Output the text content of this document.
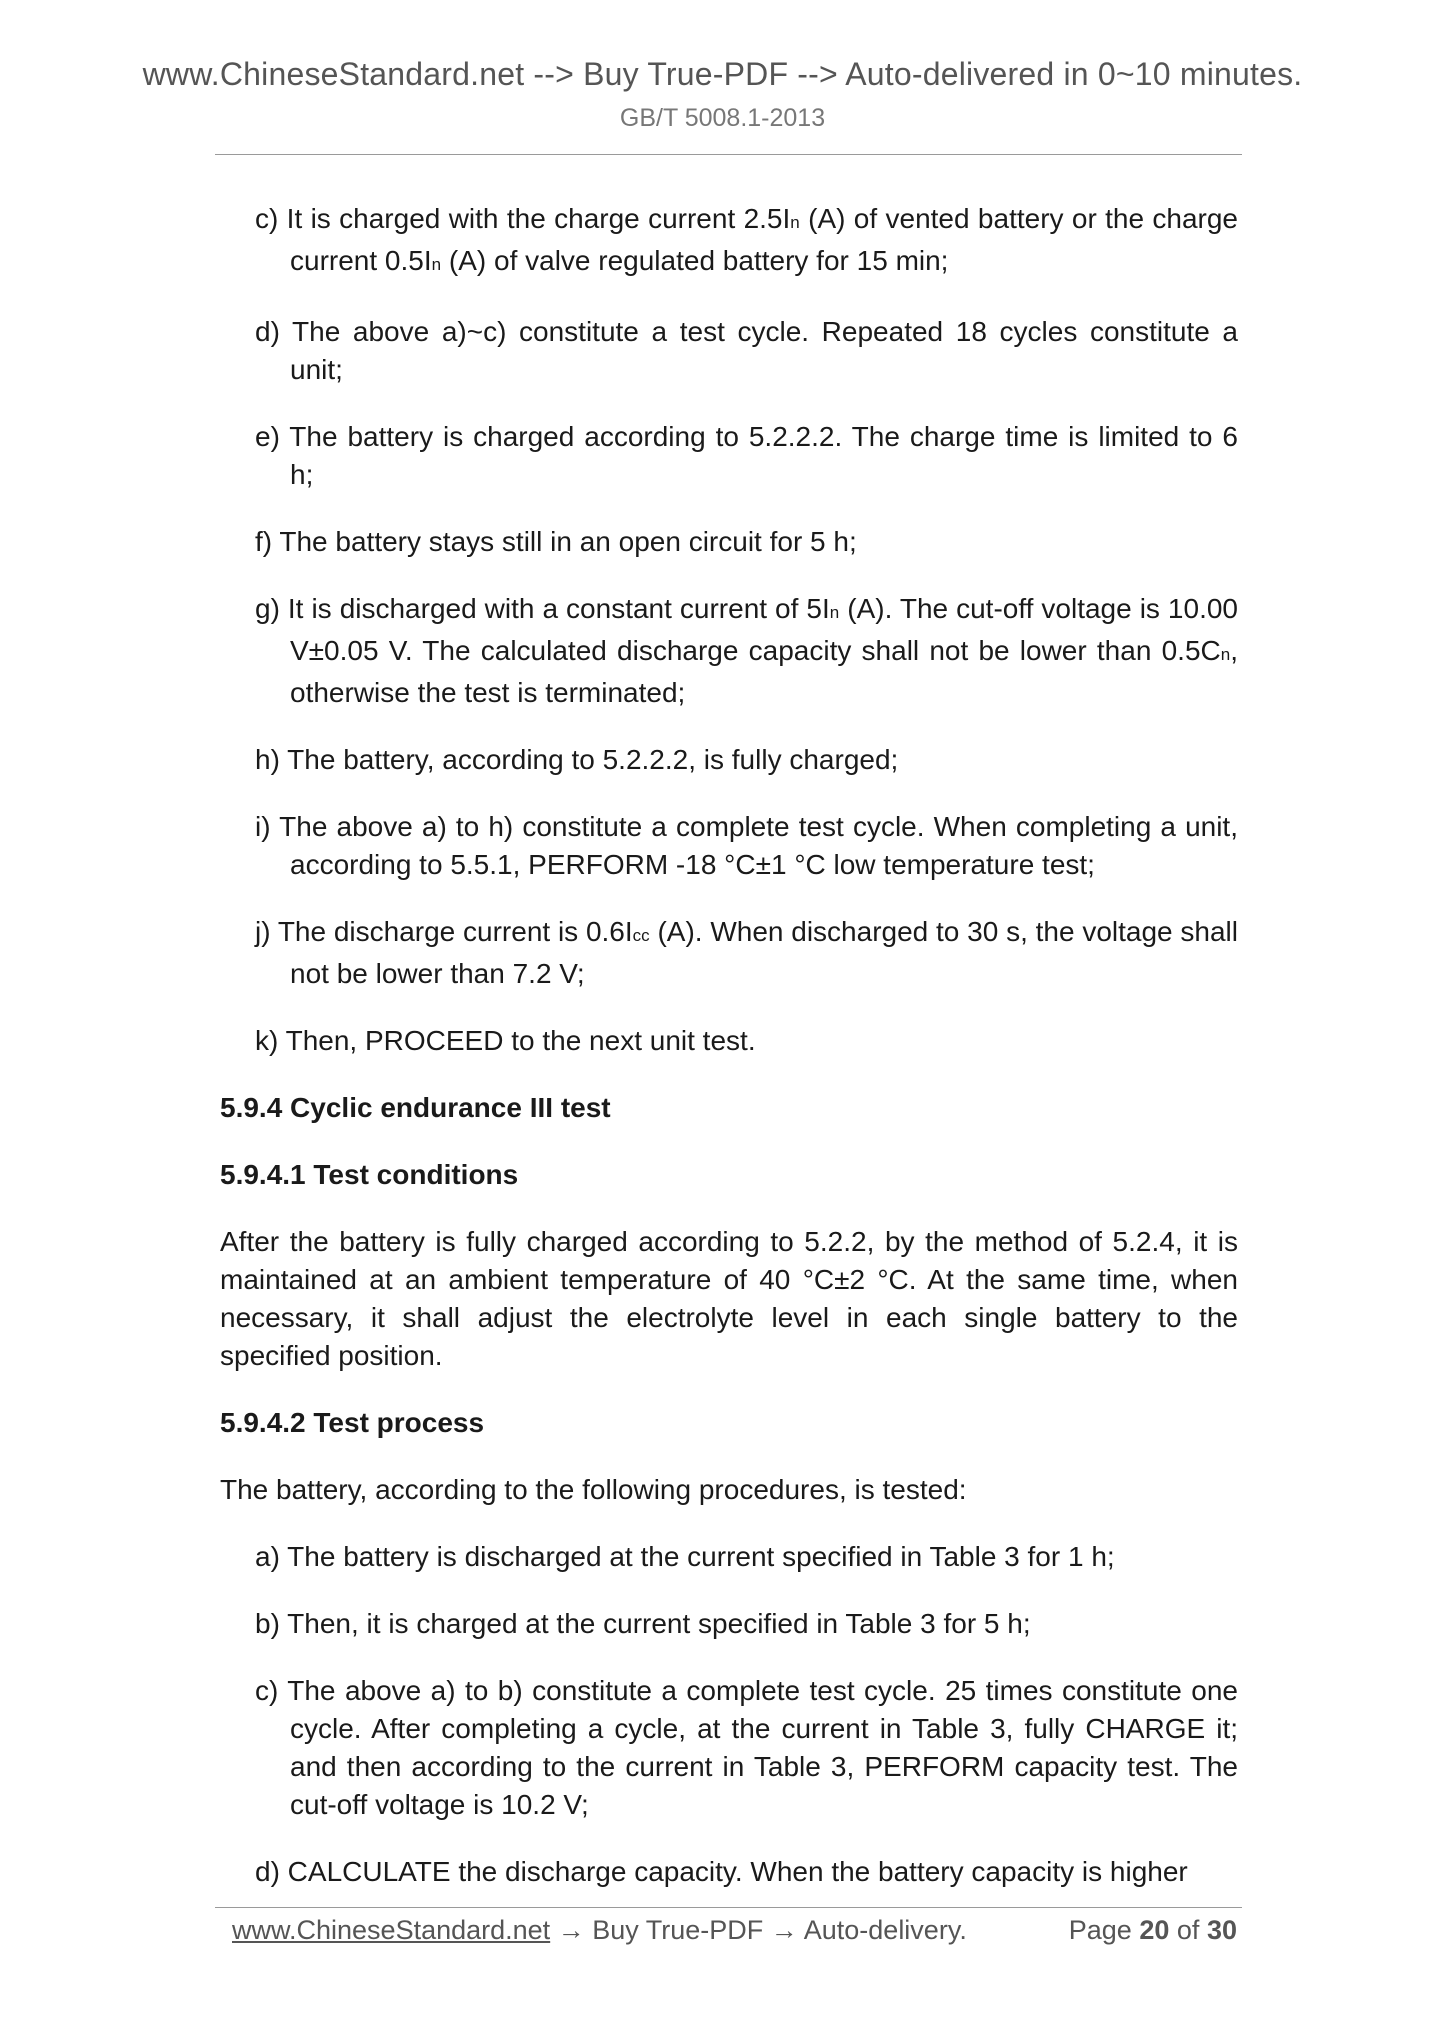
www.ChineseStandard.net --> Buy True-PDF --> Auto-delivered in 0~10 minutes.
GB/T 5008.1-2013
c) It is charged with the charge current 2.5In (A) of vented battery or the charge current 0.5In (A) of valve regulated battery for 15 min;
d) The above a)~c) constitute a test cycle. Repeated 18 cycles constitute a unit;
e) The battery is charged according to 5.2.2.2. The charge time is limited to 6 h;
f) The battery stays still in an open circuit for 5 h;
g) It is discharged with a constant current of 5In (A). The cut-off voltage is 10.00 V±0.05 V. The calculated discharge capacity shall not be lower than 0.5Cn, otherwise the test is terminated;
h) The battery, according to 5.2.2.2, is fully charged;
i) The above a) to h) constitute a complete test cycle. When completing a unit, according to 5.5.1, PERFORM -18 °C±1 °C low temperature test;
j) The discharge current is 0.6Icc (A). When discharged to 30 s, the voltage shall not be lower than 7.2 V;
k) Then, PROCEED to the next unit test.
5.9.4 Cyclic endurance III test
5.9.4.1 Test conditions
After the battery is fully charged according to 5.2.2, by the method of 5.2.4, it is maintained at an ambient temperature of 40 °C±2 °C. At the same time, when necessary, it shall adjust the electrolyte level in each single battery to the specified position.
5.9.4.2 Test process
The battery, according to the following procedures, is tested:
a) The battery is discharged at the current specified in Table 3 for 1 h;
b) Then, it is charged at the current specified in Table 3 for 5 h;
c) The above a) to b) constitute a complete test cycle. 25 times constitute one cycle. After completing a cycle, at the current in Table 3, fully CHARGE it; and then according to the current in Table 3, PERFORM capacity test. The cut-off voltage is 10.2 V;
d) CALCULATE the discharge capacity. When the battery capacity is higher
www.ChineseStandard.net → Buy True-PDF → Auto-delivery.	Page 20 of 30
